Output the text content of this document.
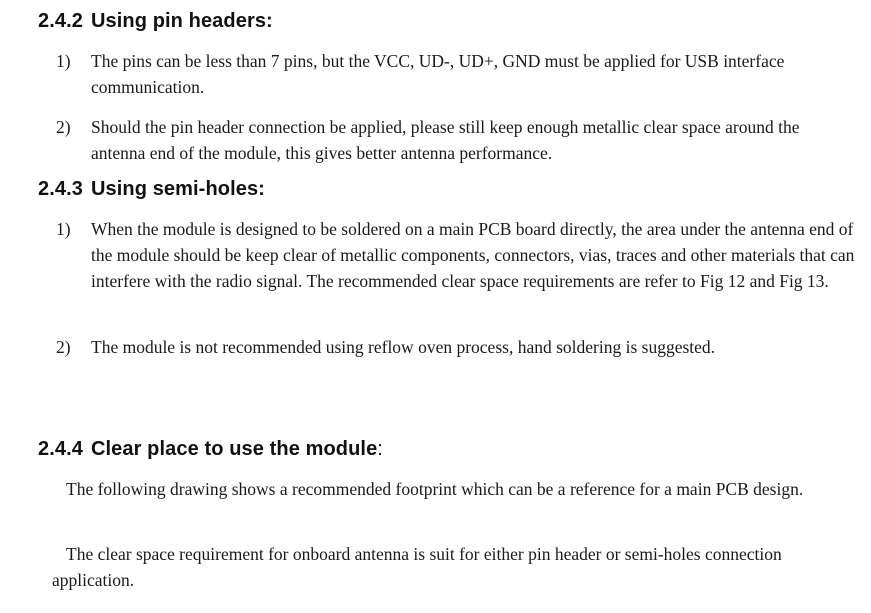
2.4.2 Using pin headers:
1)	The pins can be less than 7 pins, but the VCC, UD-, UD+, GND must be applied for USB interface communication.
2)	Should the pin header connection be applied, please still keep enough metallic clear space around the antenna end of the module, this gives better antenna performance.
2.4.3 Using semi-holes:
1)	When the module is designed to be soldered on a main PCB board directly, the area under the antenna end of the module should be keep clear of metallic components, connectors, vias, traces and other materials that can interfere with the radio signal. The recommended clear space requirements are refer to Fig 12 and Fig 13.
2)	The module is not recommended using reflow oven process, hand soldering is suggested.
2.4.4 Clear place to use the module:
The following drawing shows a recommended footprint which can be a reference for a main PCB design.
The clear space requirement for onboard antenna is suit for either pin header or semi-holes connection application.
